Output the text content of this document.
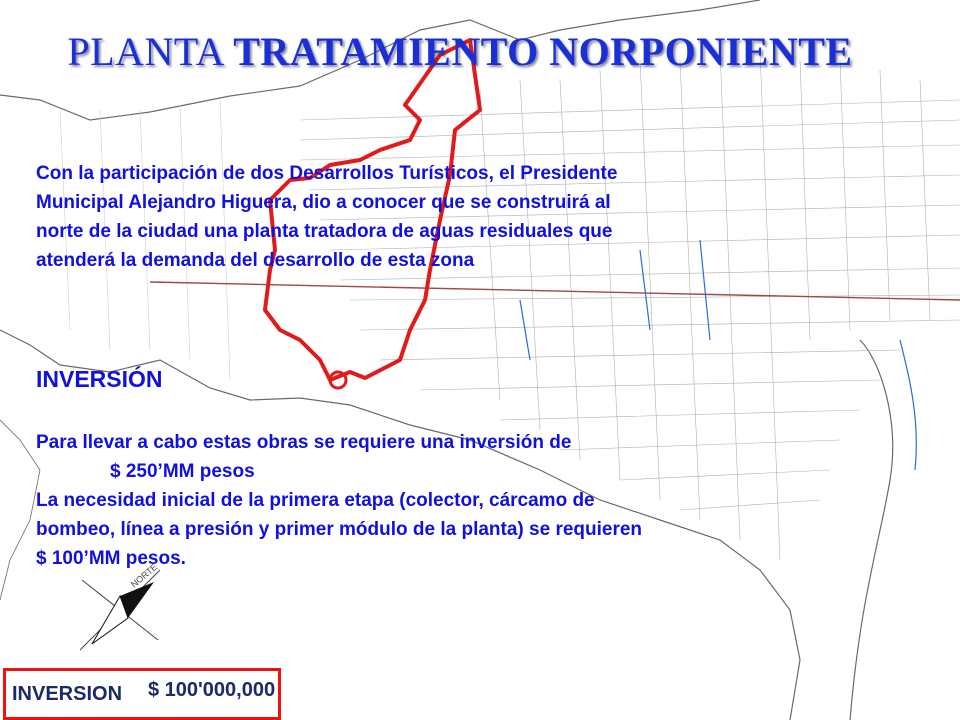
NORTE
PLANTA TRATAMIENTO NORPONIENTE
Con la participación de dos Desarrollos Turísticos, el Presidente
Municipal Alejandro Higuera, dio a conocer que se construirá al
norte de la ciudad una planta tratadora de aguas residuales que
atenderá la demanda del desarrollo de esta zona
INVERSIÓN
Para llevar a cabo estas obras se requiere una inversión de
$ 250’MM pesos
La necesidad inicial de la primera etapa (colector, cárcamo de
bombeo, línea a presión y primer módulo de la planta) se requieren
$ 100’MM pesos.
INVERSION $ 100'000,000
